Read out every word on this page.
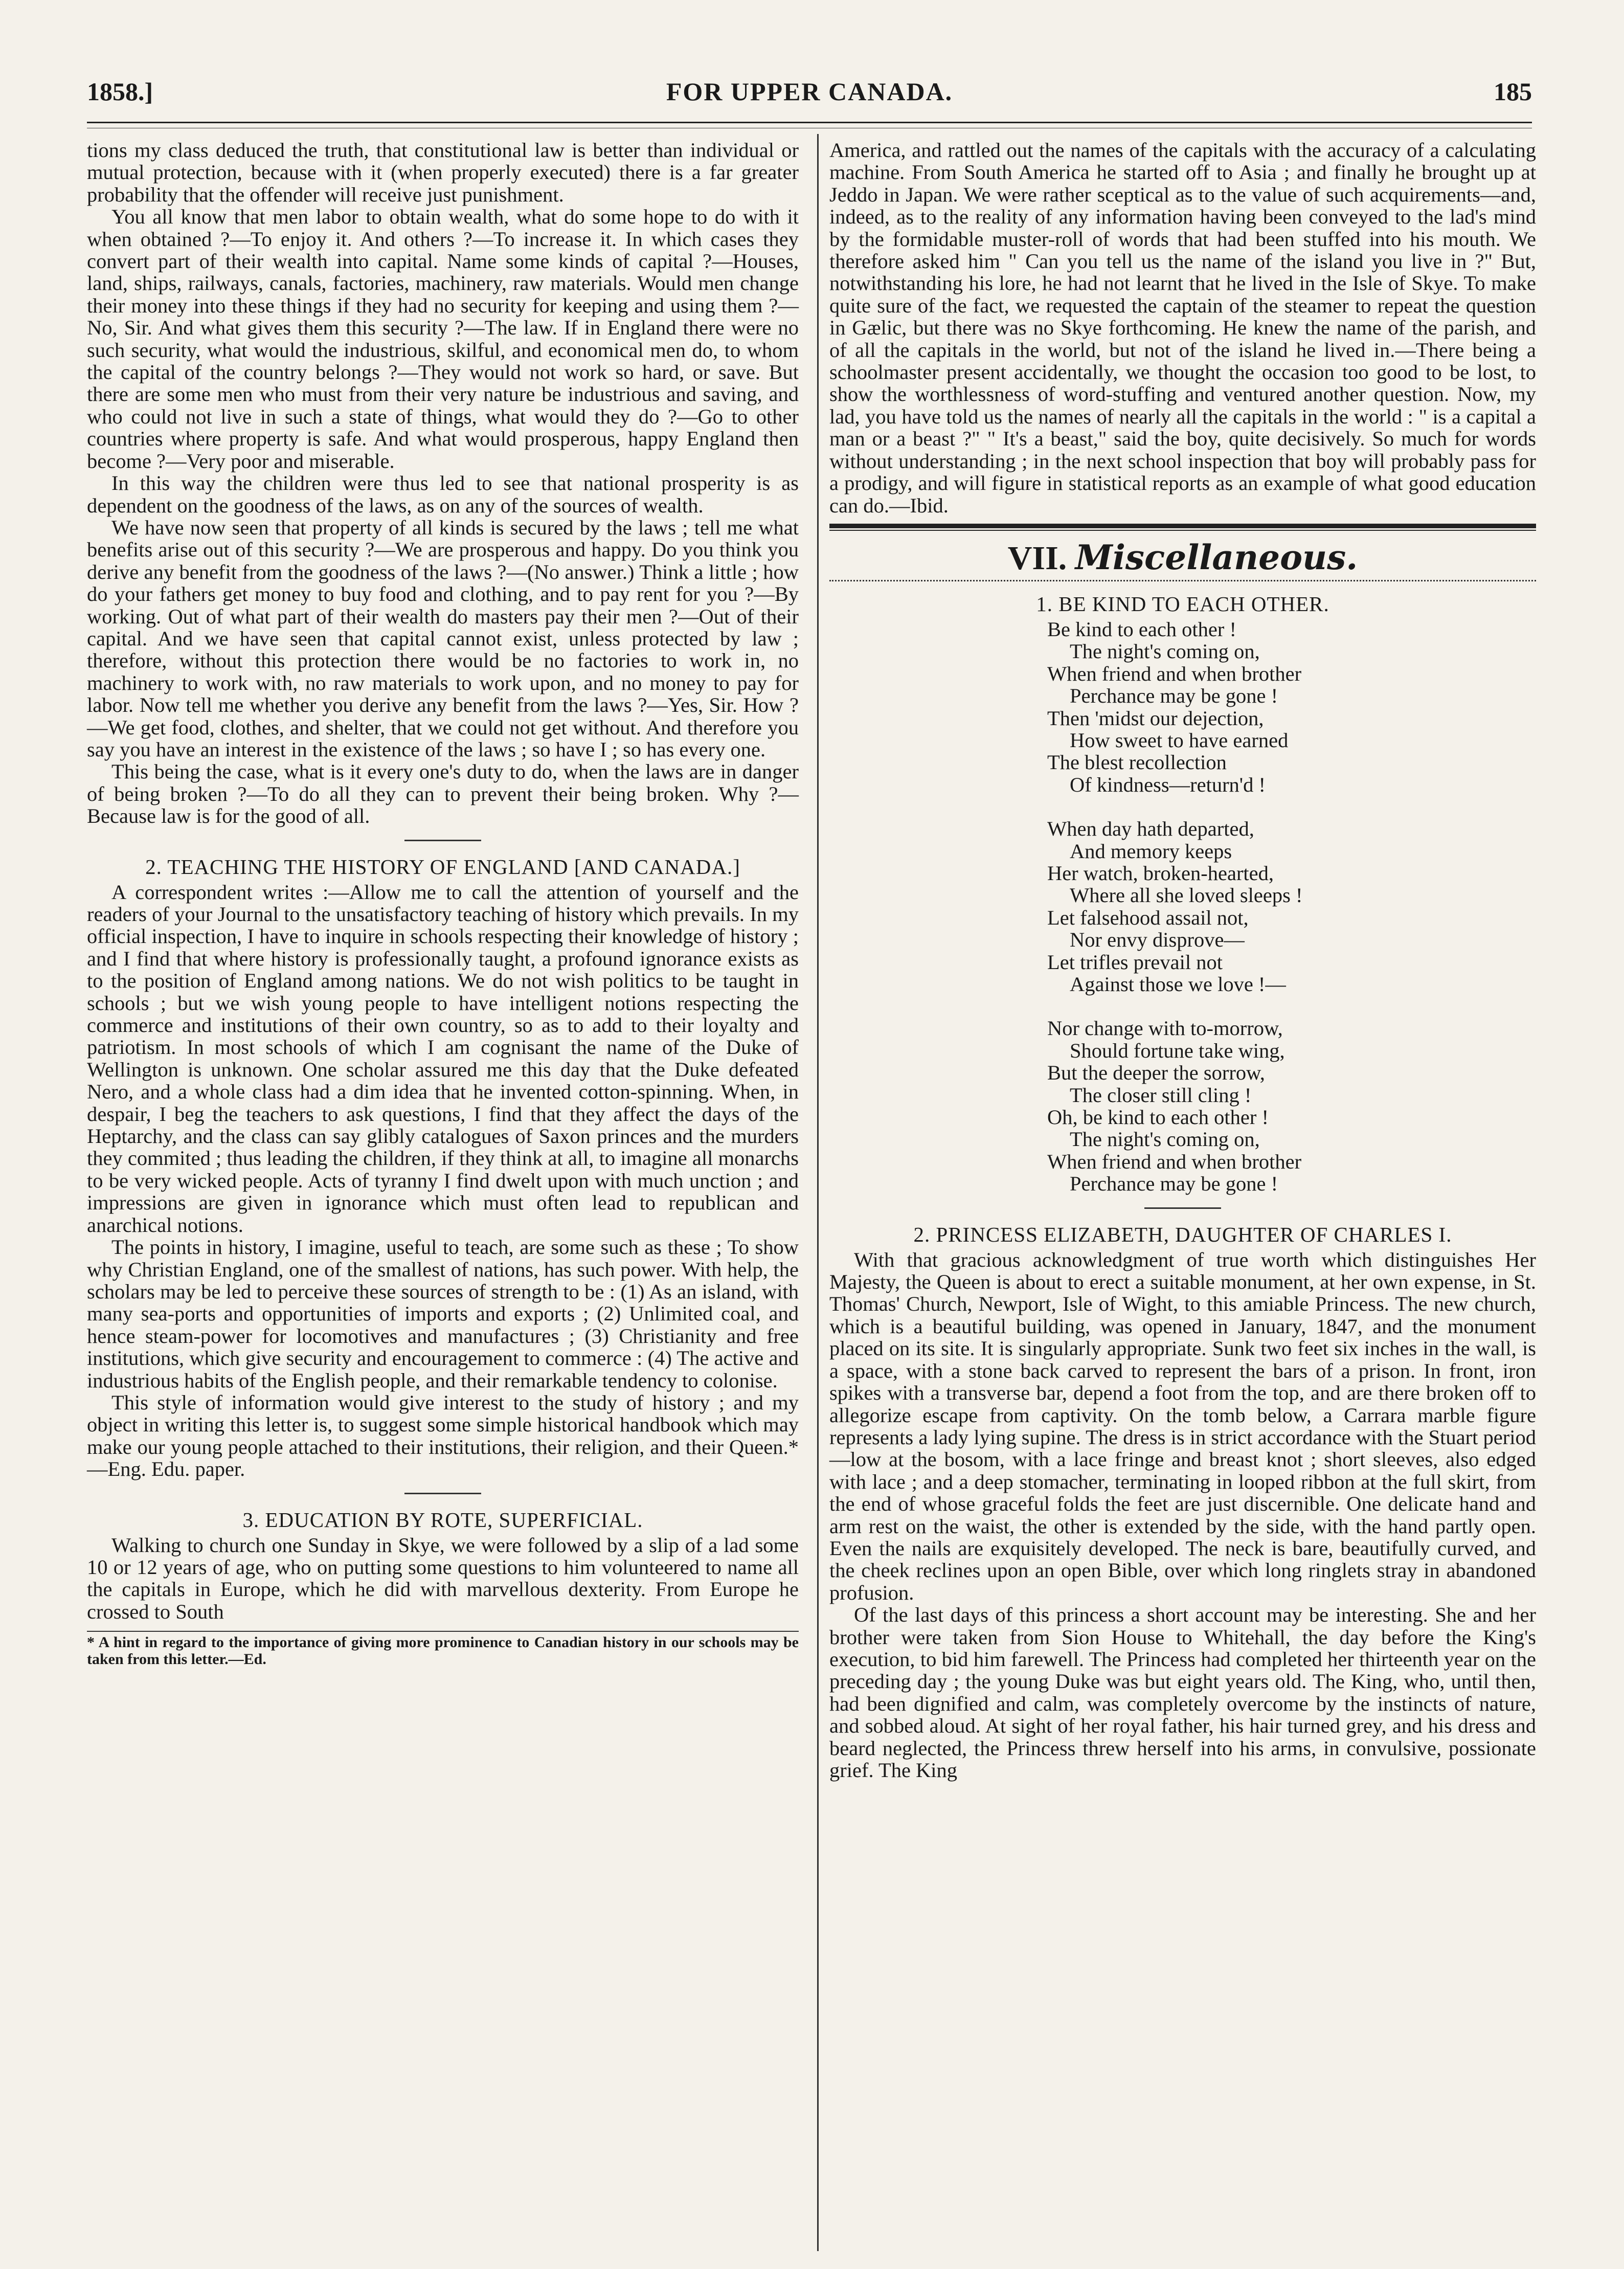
1858.]	FOR UPPER CANADA.	185

tions my class deduced the truth, that constitutional law is better than individual or mutual protection, because with it (when properly executed) there is a far greater probability that the offender will receive just punishment.

You all know that men labor to obtain wealth, what do some hope to do with it when obtained ?—To enjoy it. And others ?—To increase it. In which cases they convert part of their wealth into capital. Name some kinds of capital ?—Houses, land, ships, railways, canals, factories, machinery, raw materials. Would men change their money into these things if they had no security for keeping and using them ?—No, Sir. And what gives them this security ?—The law. If in England there were no such security, what would the industrious, skilful, and economical men do, to whom the capital of the country belongs ?—They would not work so hard, or save. But there are some men who must from their very nature be industrious and saving, and who could not live in such a state of things, what would they do ?—Go to other countries where property is safe. And what would prosperous, happy England then become ?—Very poor and miserable.

In this way the children were thus led to see that national prosperity is as dependent on the goodness of the laws, as on any of the sources of wealth.

We have now seen that property of all kinds is secured by the laws ; tell me what benefits arise out of this security ?—We are prosperous and happy. Do you think you derive any benefit from the goodness of the laws ?—(No answer.) Think a little ; how do your fathers get money to buy food and clothing, and to pay rent for you ?—By working. Out of what part of their wealth do masters pay their men ?—Out of their capital. And we have seen that capital cannot exist, unless protected by law ; therefore, without this protection there would be no factories to work in, no machinery to work with, no raw materials to work upon, and no money to pay for labor. Now tell me whether you derive any benefit from the laws ?—Yes, Sir. How ?—We get food, clothes, and shelter, that we could not get without. And therefore you say you have an interest in the existence of the laws ; so have I ; so has every one.

This being the case, what is it every one's duty to do, when the laws are in danger of being broken ?—To do all they can to prevent their being broken. Why ?—Because law is for the good of all.

2. TEACHING THE HISTORY OF ENGLAND [AND CANADA.]

A correspondent writes :—Allow me to call the attention of yourself and the readers of your Journal to the unsatisfactory teaching of history which prevails. In my official inspection, I have to inquire in schools respecting their knowledge of history ; and I find that where history is professionally taught, a profound ignorance exists as to the position of England among nations. We do not wish politics to be taught in schools ; but we wish young people to have intelligent notions respecting the commerce and institutions of their own country, so as to add to their loyalty and patriotism. In most schools of which I am cognisant the name of the Duke of Wellington is unknown. One scholar assured me this day that the Duke defeated Nero, and a whole class had a dim idea that he invented cotton-spinning. When, in despair, I beg the teachers to ask questions, I find that they affect the days of the Heptarchy, and the class can say glibly catalogues of Saxon princes and the murders they commited ; thus leading the children, if they think at all, to imagine all monarchs to be very wicked people. Acts of tyranny I find dwelt upon with much unction ; and impressions are given in ignorance which must often lead to republican and anarchical notions.

The points in history, I imagine, useful to teach, are some such as these ; To show why Christian England, one of the smallest of nations, has such power. With help, the scholars may be led to perceive these sources of strength to be : (1) As an island, with many sea-ports and opportunities of imports and exports ; (2) Unlimited coal, and hence steam-power for locomotives and manufactures ; (3) Christianity and free institutions, which give security and encouragement to commerce : (4) The active and industrious habits of the English people, and their remarkable tendency to colonise.

This style of information would give interest to the study of history ; and my object in writing this letter is, to suggest some simple historical handbook which may make our young people attached to their institutions, their religion, and their Queen.*—Eng. Edu. paper.

3. EDUCATION BY ROTE, SUPERFICIAL.

Walking to church one Sunday in Skye, we were followed by a slip of a lad some 10 or 12 years of age, who on putting some questions to him volunteered to name all the capitals in Europe, which he did with marvellous dexterity. From Europe he crossed to South

* A hint in regard to the importance of giving more prominence to Canadian history in our schools may be taken from this letter.—Ed.

America, and rattled out the names of the capitals with the accuracy of a calculating machine. From South America he started off to Asia ; and finally he brought up at Jeddo in Japan. We were rather sceptical as to the value of such acquirements—and, indeed, as to the reality of any information having been conveyed to the lad's mind by the formidable muster-roll of words that had been stuffed into his mouth. We therefore asked him " Can you tell us the name of the island you live in ?" But, notwithstanding his lore, he had not learnt that he lived in the Isle of Skye. To make quite sure of the fact, we requested the captain of the steamer to repeat the question in Gælic, but there was no Skye forthcoming. He knew the name of the parish, and of all the capitals in the world, but not of the island he lived in.—There being a schoolmaster present accidentally, we thought the occasion too good to be lost, to show the worthlessness of word-stuffing and ventured another question. Now, my lad, you have told us the names of nearly all the capitals in the world : " is a capital a man or a beast ?" " It's a beast," said the boy, quite decisively. So much for words without understanding ; in the next school inspection that boy will probably pass for a prodigy, and will figure in statistical reports as an example of what good education can do.—Ibid.

VII. Miscellaneous.
1. BE KIND TO EACH OTHER.

Be kind to each other !

The night's coming on,

When friend and when brother

Perchance may be gone !

Then 'midst our dejection,

How sweet to have earned

The blest recollection

Of kindness—return'd !

When day hath departed,

And memory keeps

Her watch, broken-hearted,

Where all she loved sleeps !

Let falsehood assail not,

Nor envy disprove—

Let trifles prevail not

Against those we love !—

Nor change with to-morrow,

Should fortune take wing,

But the deeper the sorrow,

The closer still cling !

Oh, be kind to each other !

The night's coming on,

When friend and when brother

Perchance may be gone !

2. PRINCESS ELIZABETH, DAUGHTER OF CHARLES I.

With that gracious acknowledgment of true worth which distinguishes Her Majesty, the Queen is about to erect a suitable monument, at her own expense, in St. Thomas' Church, Newport, Isle of Wight, to this amiable Princess. The new church, which is a beautiful building, was opened in January, 1847, and the monument placed on its site. It is singularly appropriate. Sunk two feet six inches in the wall, is a space, with a stone back carved to represent the bars of a prison. In front, iron spikes with a transverse bar, depend a foot from the top, and are there broken off to allegorize escape from captivity. On the tomb below, a Carrara marble figure represents a lady lying supine. The dress is in strict accordance with the Stuart period—low at the bosom, with a lace fringe and breast knot ; short sleeves, also edged with lace ; and a deep stomacher, terminating in looped ribbon at the full skirt, from the end of whose graceful folds the feet are just discernible. One delicate hand and arm rest on the waist, the other is extended by the side, with the hand partly open. Even the nails are exquisitely developed. The neck is bare, beautifully curved, and the cheek reclines upon an open Bible, over which long ringlets stray in abandoned profusion.

Of the last days of this princess a short account may be interesting. She and her brother were taken from Sion House to Whitehall, the day before the King's execution, to bid him farewell. The Princess had completed her thirteenth year on the preceding day ; the young Duke was but eight years old. The King, who, until then, had been dignified and calm, was completely overcome by the instincts of nature, and sobbed aloud. At sight of her royal father, his hair turned grey, and his dress and beard neglected, the Princess threw herself into his arms, in convulsive, possionate grief. The King
